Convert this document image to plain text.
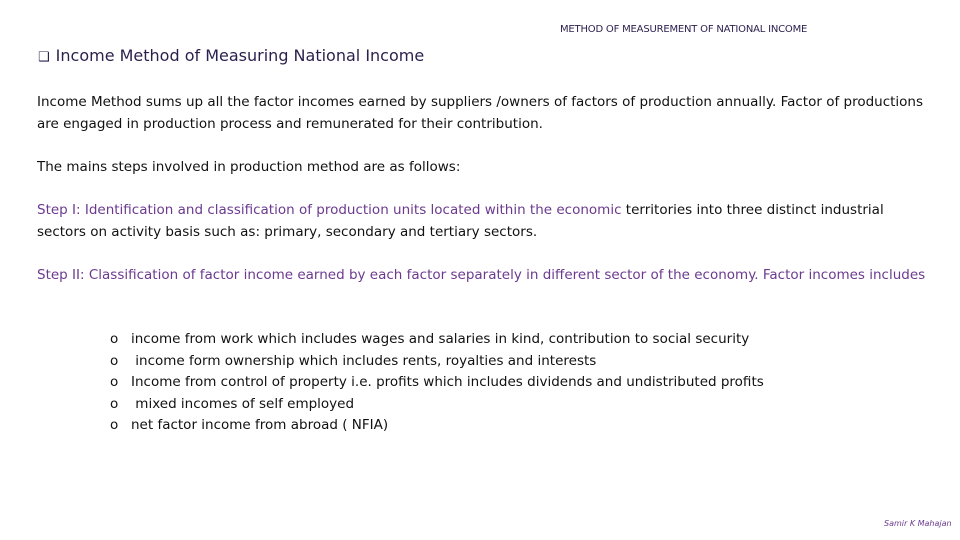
METHOD OF MEASUREMENT OF NATIONAL INCOME
❑ Income Method of Measuring National Income
Income Method sums up all the factor incomes earned by suppliers /owners of factors of production annually. Factor of productions are engaged in production process and remunerated for their contribution.
The mains steps involved in production method are as follows:
Step I: Identification and classification of production units located within the economic territories into three distinct industrial sectors on activity basis such as: primary, secondary and tertiary sectors.
Step II: Classification of factor income earned by each factor separately in different sector of the economy. Factor incomes includes
o income from work which includes wages and salaries in kind, contribution to social security
o income form ownership which includes rents, royalties and interests
o Income from control of property i.e. profits which includes dividends and undistributed profits
o mixed incomes of self employed
o net factor income from abroad ( NFIA)
Samir K Mahajan
